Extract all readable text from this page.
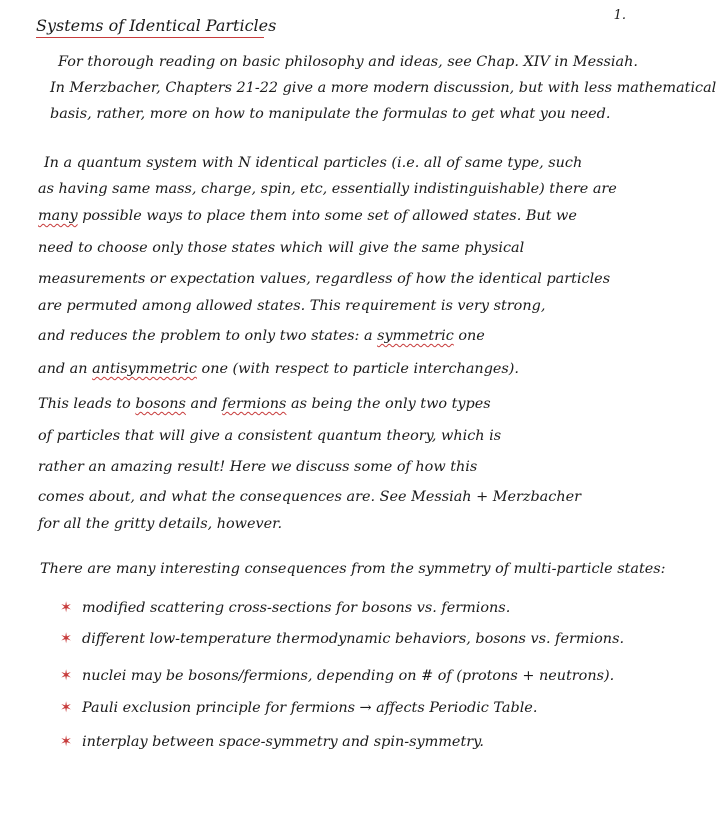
1.
Systems of Identical Particles
For thorough reading on basic philosophy and ideas, see Chap. XIV in Messiah.
In Merzbacher, Chapters 21-22 give a more modern discussion, but with less mathematical
basis, rather, more on how to manipulate the formulas to get what you need.
In a quantum system with N identical particles (i.e. all of same type, such
as having same mass, charge, spin, etc, essentially indistinguishable) there are
many possible ways to place them into some set of allowed states. But we
need to choose only those states which will give the same physical
measurements or expectation values, regardless of how the identical particles
are permuted among allowed states. This requirement is very strong,
and reduces the problem to only two states: a symmetric one
and an antisymmetric one (with respect to particle interchanges).
This leads to bosons and fermions as being the only two types
of particles that will give a consistent quantum theory, which is
rather an amazing result! Here we discuss some of how this
comes about, and what the consequences are. See Messiah + Merzbacher
for all the gritty details, however.
There are many interesting consequences from the symmetry of multi-particle states:
✶ modified scattering cross-sections for bosons vs. fermions.
✶ different low-temperature thermodynamic behaviors, bosons vs. fermions.
✶ nuclei may be bosons/fermions, depending on # of (protons + neutrons).
✶ Pauli exclusion principle for fermions → affects Periodic Table.
✶ interplay between space-symmetry and spin-symmetry.
